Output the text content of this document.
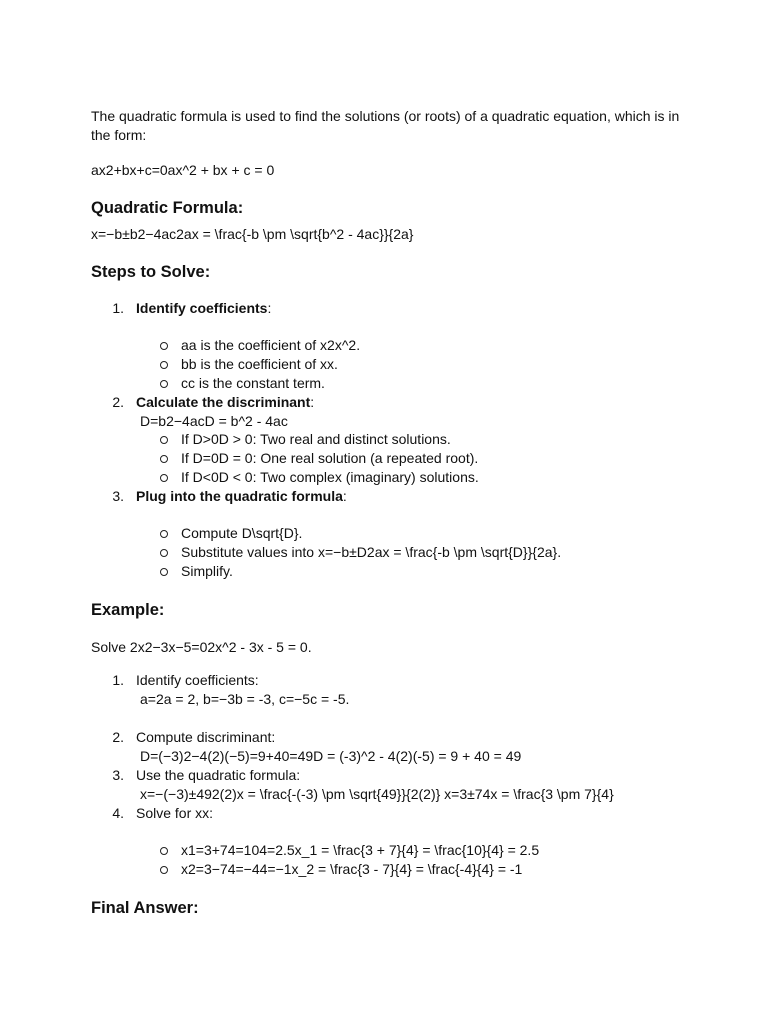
The quadratic formula is used to find the solutions (or roots) of a quadratic equation, which is in the form:
ax2+bx+c=0ax^2 + bx + c = 0
Quadratic Formula:
x=−b±b2−4ac2ax = \frac{-b \pm \sqrt{b^2 - 4ac}}{2a}
Steps to Solve:
1. Identify coefficients:
aa is the coefficient of x2x^2.
bb is the coefficient of xx.
cc is the constant term.
2. Calculate the discriminant:
D=b2−4acD = b^2 - 4ac
If D>0D > 0: Two real and distinct solutions.
If D=0D = 0: One real solution (a repeated root).
If D<0D < 0: Two complex (imaginary) solutions.
3. Plug into the quadratic formula:
Compute D\sqrt{D}.
Substitute values into x=−b±D2ax = \frac{-b \pm \sqrt{D}}{2a}.
Simplify.
Example:
Solve 2x2−3x−5=02x^2 - 3x - 5 = 0.
1. Identify coefficients:
a=2a = 2, b=−3b = -3, c=−5c = -5.
2. Compute discriminant:
D=(−3)2−4(2)(−5)=9+40=49D = (-3)^2 - 4(2)(-5) = 9 + 40 = 49
3. Use the quadratic formula:
x=−(−3)±492(2)x = \frac{-(-3) \pm \sqrt{49}}{2(2)} x=3±74x = \frac{3 \pm 7}{4}
4. Solve for xx:
x1=3+74=104=2.5x_1 = \frac{3 + 7}{4} = \frac{10}{4} = 2.5
x2=3−74=−44=−1x_2 = \frac{3 - 7}{4} = \frac{-4}{4} = -1
Final Answer:
